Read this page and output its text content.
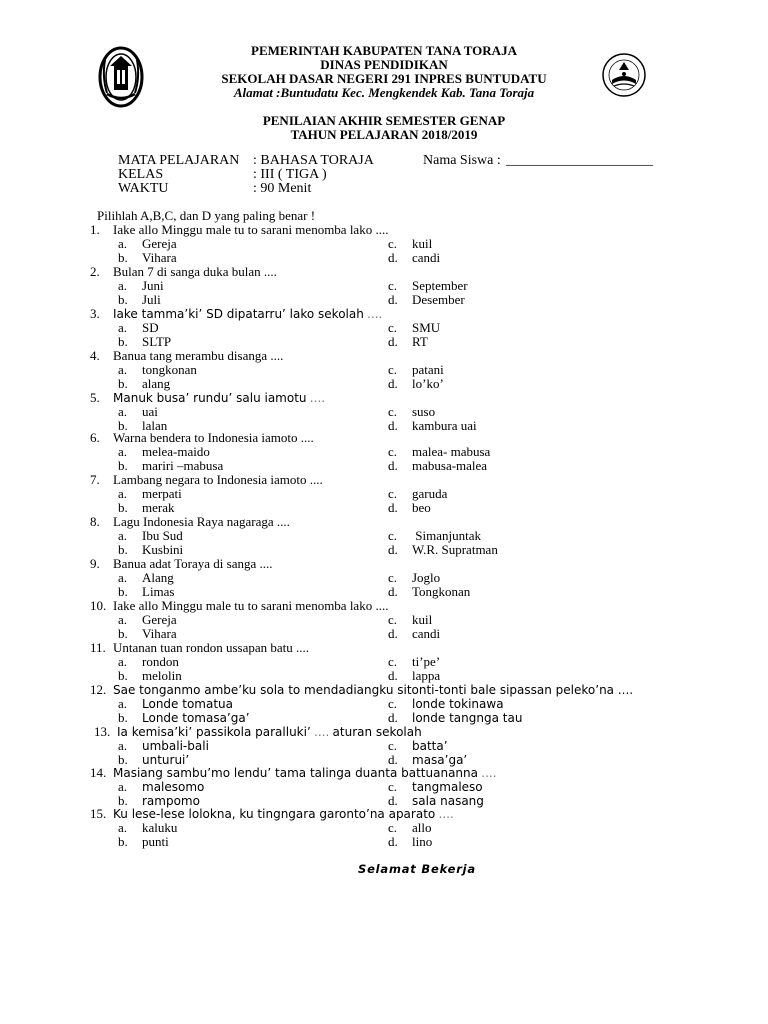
PEMERINTAH KABUPATEN TANA TORAJA
DINAS PENDIDIKAN
SEKOLAH DASAR NEGERI 291 INPRES BUNTUDATU
Alamat :Buntudatu Kec. Mengkendek Kab. Tana Toraja
PENILAIAN AKHIR SEMESTER GENAP
TAHUN PELAJARAN 2018/2019
MATA PELAJARAN : BAHASA TORAJA	Nama Siswa : _____________________
KELAS	: III ( TIGA )
WAKTU	: 90 Menit
Pilihlah A,B,C, dan D yang paling benar !
1. Iake allo Minggu male tu to sarani menomba lako ....
a. Gereja	c. kuil
b. Vihara	d. candi
2. Bulan 7 di sanga duka bulan ....
a. Juni	c. September
b. Juli	d. Desember
3. Iake tamma’ki’ SD dipatarru’ lako sekolah ....
a. SD	c. SMU
b. SLTP	d. RT
4. Banua tang merambu disanga ....
a. tongkonan	c. patani
b. alang	d. lo’ko’
5. Manuk busa’ rundu’ salu iamotu ....
a. uai	c. suso
b. lalan	d. kambura uai
6. Warna bendera to Indonesia iamoto ....
a. melea-maido	c. malea- mabusa
b. mariri –mabusa	d. mabusa-malea
7. Lambang negara to Indonesia iamoto ....
a. merpati	c. garuda
b. merak	d. beo
8. Lagu Indonesia Raya nagaraga ....
a. Ibu Sud	c. Simanjuntak
b. Kusbini	d. W.R. Supratman
9. Banua adat Toraya di sanga ....
a. Alang	c. Joglo
b. Limas	d. Tongkonan
10. Iake allo Minggu male tu to sarani menomba lako ....
a. Gereja	c. kuil
b. Vihara	d. candi
11. Untanan tuan rondon ussapan batu ....
a. rondon	c. ti’pe’
b. melolin	d. lappa
12. Sae tonganmo ambe’ku sola to mendadiangku sitonti-tonti bale sipassan peleko’na ....
a. Londe tomatua	c. londe tokinawa
b. Londe tomasa’ga’	d. londe tangnga tau
13. Ia kemisa’ki’ passikola paralluki’ .... aturan sekolah
a. umbali-bali	c. batta’
b. unturui’	d. masa’ga’
14. Masiang sambu’mo lendu’ tama talinga duanta battuananna ....
a. malesomo	c. tangmaleso
b. rampomo	d. sala nasang
15. Ku lese-lese lolokna, ku tingngara garonto’na aparato ....
a. kaluku	c. allo
b. punti	d. lino
Selamat Bekerja
